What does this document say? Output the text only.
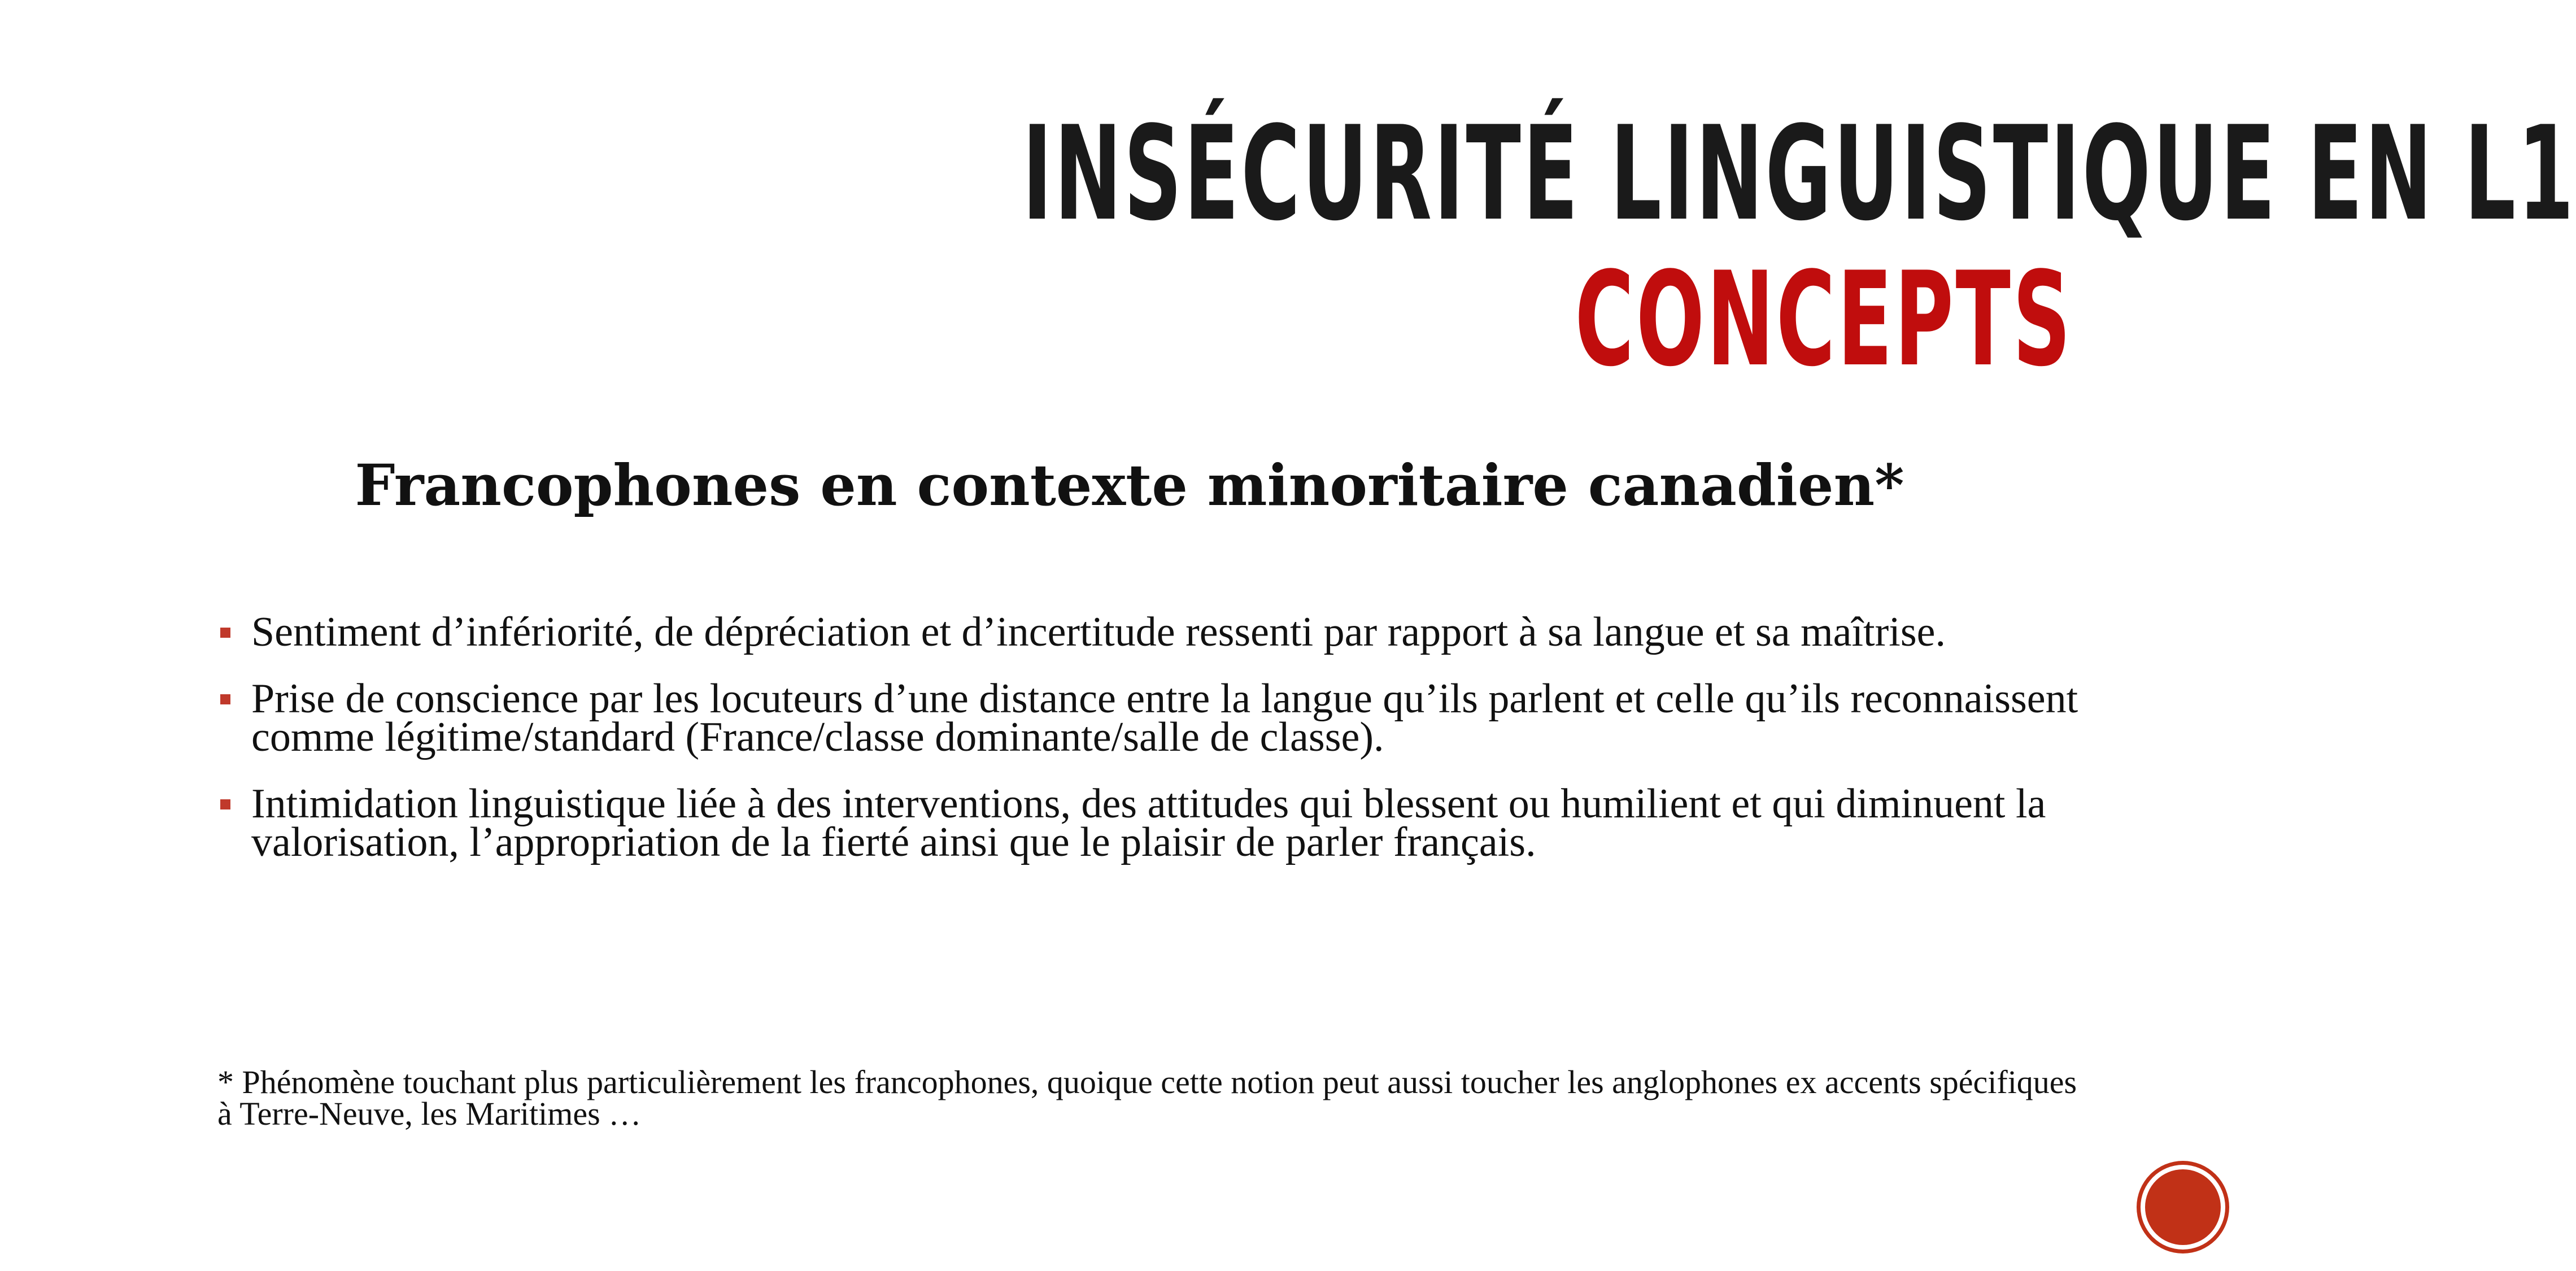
INSÉCURITÉ LINGUISTIQUE EN L1
CONCEPTS
Francophones en contexte minoritaire canadien*
Sentiment d’infériorité, de dépréciation et d’incertitude ressenti par rapport à sa langue et sa maîtrise.
Prise de conscience par les locuteurs d’une distance entre la langue qu’ils parlent et celle qu’ils reconnaissent comme légitime/standard (France/classe dominante/salle de classe).
Intimidation linguistique liée à des interventions, des attitudes qui blessent ou humilient et qui diminuent la valorisation, l’appropriation de la fierté ainsi que le plaisir de parler français.
* Phénomène touchant plus particulièrement les francophones, quoique cette notion peut aussi toucher les anglophones ex accents spécifiques à Terre-Neuve, les Maritimes …
